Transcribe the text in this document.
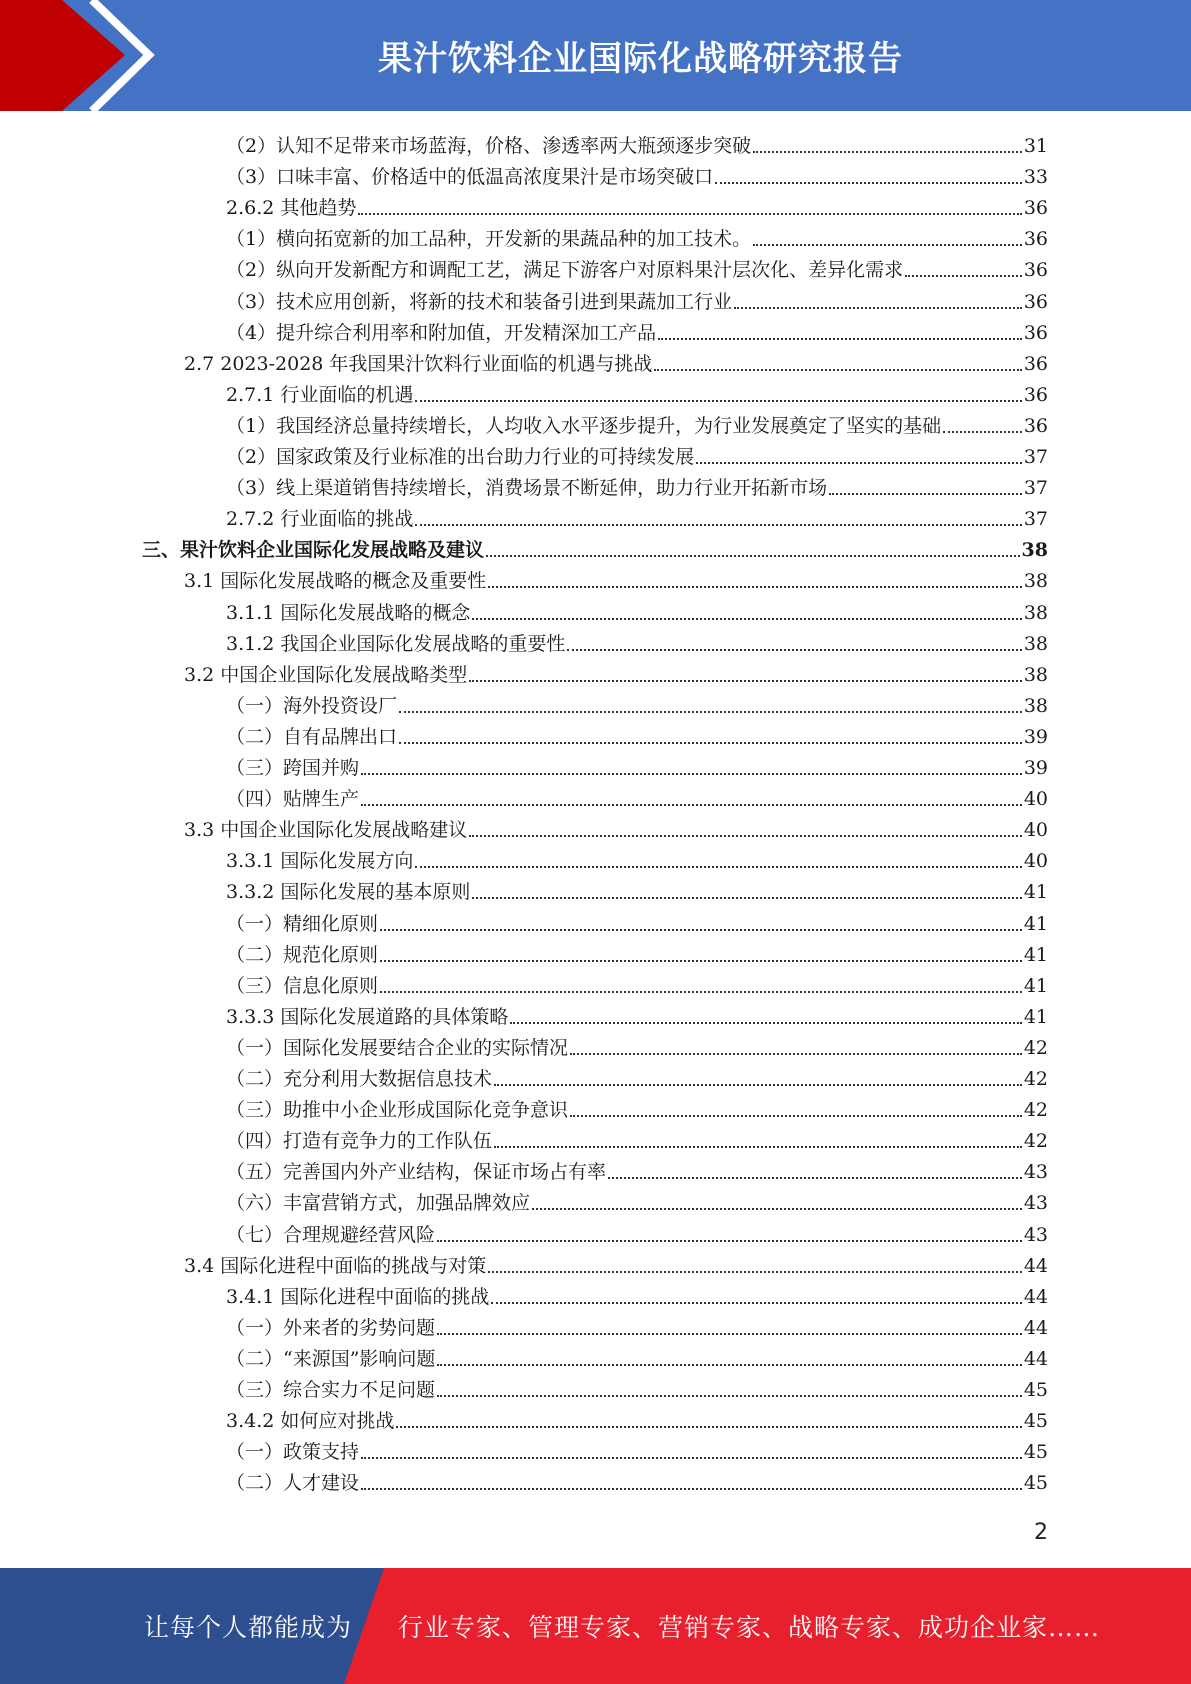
果汁饮料企业国际化战略研究报告
（2）认知不足带来市场蓝海，价格、渗透率两大瓶颈逐步突破	31
（3）口味丰富、价格适中的低温高浓度果汁是市场突破口	33
2.6.2 其他趋势	36
（1）横向拓宽新的加工品种，开发新的果蔬品种的加工技术。	36
（2）纵向开发新配方和调配工艺，满足下游客户对原料果汁层次化、差异化需求	36
（3）技术应用创新，将新的技术和装备引进到果蔬加工行业	36
（4）提升综合利用率和附加值，开发精深加工产品	36
2.7 2023-2028 年我国果汁饮料行业面临的机遇与挑战	36
2.7.1 行业面临的机遇	36
（1）我国经济总量持续增长，人均收入水平逐步提升，为行业发展奠定了坚实的基础	36
（2）国家政策及行业标准的出台助力行业的可持续发展	37
（3）线上渠道销售持续增长，消费场景不断延伸，助力行业开拓新市场	37
2.7.2 行业面临的挑战	37
三、果汁饮料企业国际化发展战略及建议	38
3.1 国际化发展战略的概念及重要性	38
3.1.1 国际化发展战略的概念	38
3.1.2 我国企业国际化发展战略的重要性	38
3.2 中国企业国际化发展战略类型	38
（一）海外投资设厂	38
（二）自有品牌出口	39
（三）跨国并购	39
（四）贴牌生产	40
3.3 中国企业国际化发展战略建议	40
3.3.1 国际化发展方向	40
3.3.2 国际化发展的基本原则	41
（一）精细化原则	41
（二）规范化原则	41
（三）信息化原则	41
3.3.3 国际化发展道路的具体策略	41
（一）国际化发展要结合企业的实际情况	42
（二）充分利用大数据信息技术	42
（三）助推中小企业形成国际化竞争意识	42
（四）打造有竞争力的工作队伍	42
（五）完善国内外产业结构，保证市场占有率	43
（六）丰富营销方式，加强品牌效应	43
（七）合理规避经营风险	43
3.4 国际化进程中面临的挑战与对策	44
3.4.1 国际化进程中面临的挑战	44
（一）外来者的劣势问题	44
（二）“来源国”影响问题	44
（三）综合实力不足问题	45
3.4.2 如何应对挑战	45
（一）政策支持	45
（二）人才建设	45
2
让每个人都能成为 行业专家、管理专家、营销专家、战略专家、成功企业家……
